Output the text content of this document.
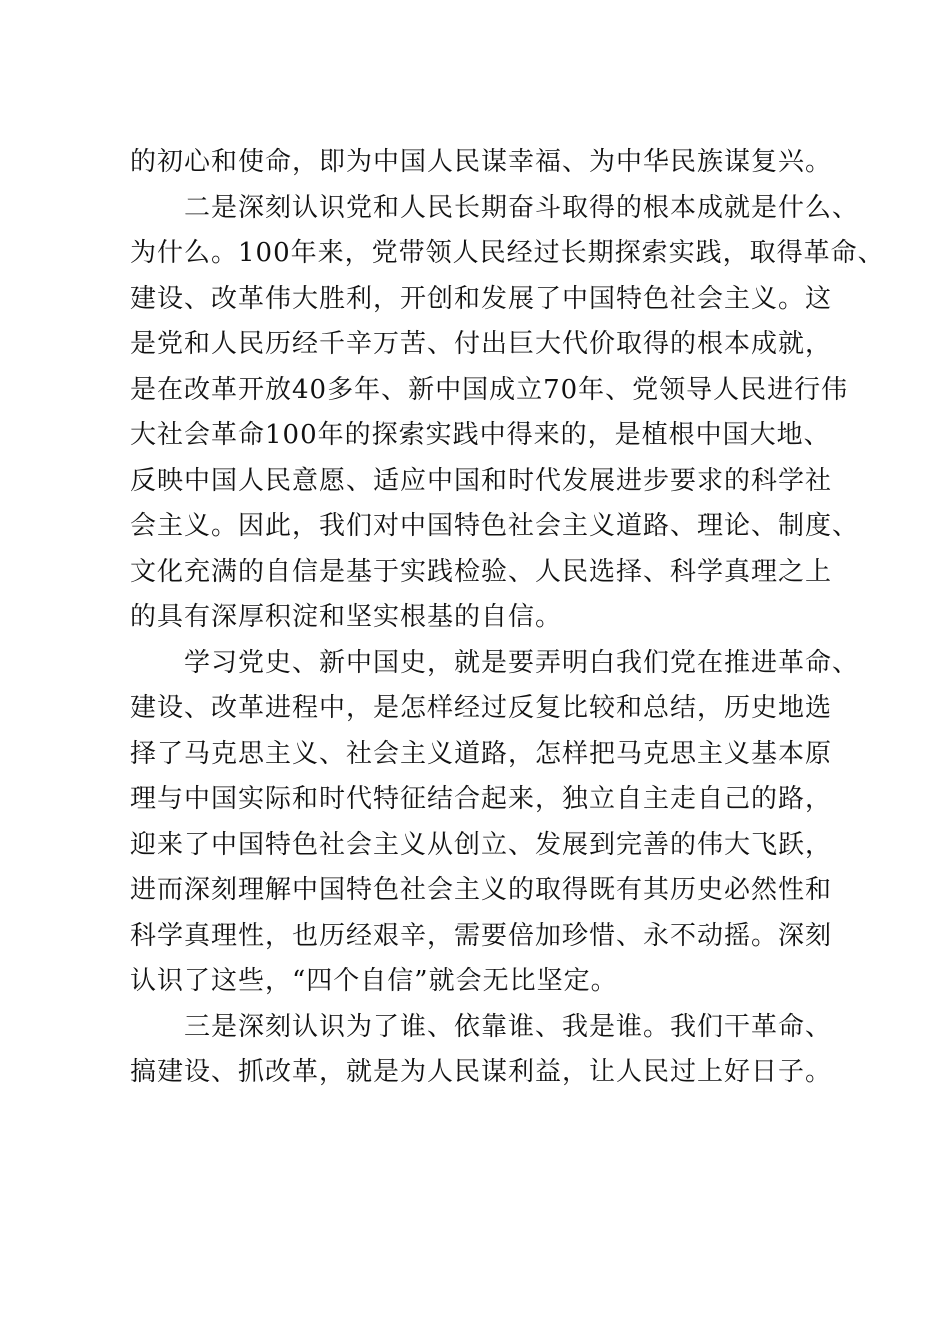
的初心和使命，即为中国人民谋幸福、为中华民族谋复兴。
　　二是深刻认识党和人民长期奋斗取得的根本成就是什么、
为什么。100年来，党带领人民经过长期探索实践，取得革命、
建设、改革伟大胜利，开创和发展了中国特色社会主义。这
是党和人民历经千辛万苦、付出巨大代价取得的根本成就，
是在改革开放40多年、新中国成立70年、党领导人民进行伟
大社会革命100年的探索实践中得来的，是植根中国大地、
反映中国人民意愿、适应中国和时代发展进步要求的科学社
会主义。因此，我们对中国特色社会主义道路、理论、制度、
文化充满的自信是基于实践检验、人民选择、科学真理之上
的具有深厚积淀和坚实根基的自信。
　　学习党史、新中国史，就是要弄明白我们党在推进革命、
建设、改革进程中，是怎样经过反复比较和总结，历史地选
择了马克思主义、社会主义道路，怎样把马克思主义基本原
理与中国实际和时代特征结合起来，独立自主走自己的路，
迎来了中国特色社会主义从创立、发展到完善的伟大飞跃，
进而深刻理解中国特色社会主义的取得既有其历史必然性和
科学真理性，也历经艰辛，需要倍加珍惜、永不动摇。深刻
认识了这些，“四个自信”就会无比坚定。
　　三是深刻认识为了谁、依靠谁、我是谁。我们干革命、
搞建设、抓改革，就是为人民谋利益，让人民过上好日子。
